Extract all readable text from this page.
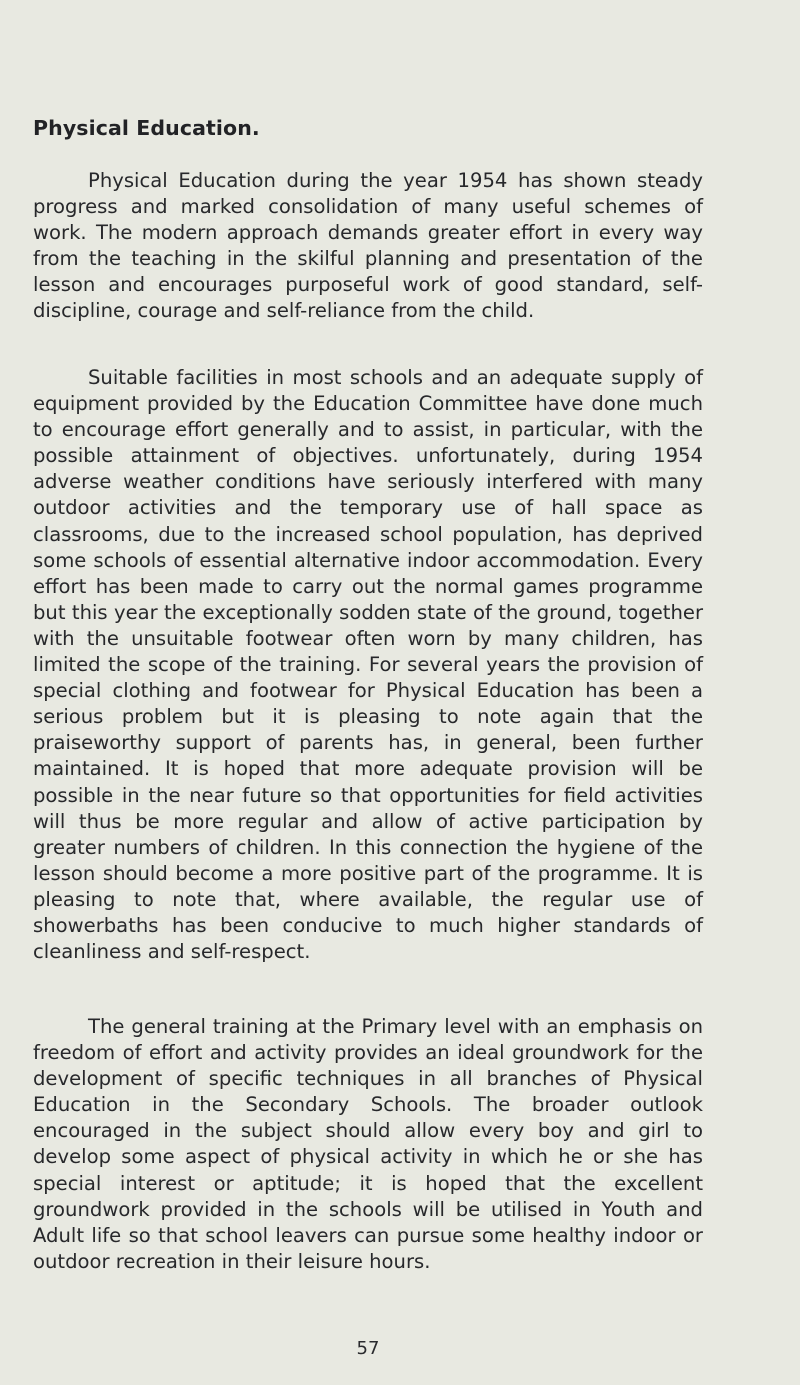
Physical Education.

Physical Education during the year 1954 has shown steady progress and marked consolidation of many useful schemes of work. The modern approach demands greater effort in every way from the teaching in the skilful planning and presentation of the lesson and encourages purposeful work of good standard, self-discipline, courage and self-reliance from the child.

Suitable facilities in most schools and an adequate supply of equipment provided by the Education Committee have done much to encourage effort generally and to assist, in particular, with the possible attainment of objectives. unfortunately, during 1954 adverse weather conditions have seriously interfered with many outdoor activities and the temporary use of hall space as classrooms, due to the increased school population, has deprived some schools of essential alternative indoor accommodation. Every effort has been made to carry out the normal games programme but this year the exceptionally sodden state of the ground, together with the unsuitable footwear often worn by many children, has limited the scope of the training. For several years the provision of special clothing and footwear for Physical Education has been a serious problem but it is pleasing to note again that the praiseworthy support of parents has, in general, been further maintained. It is hoped that more adequate provision will be possible in the near future so that opportunities for field activities will thus be more regular and allow of active participation by greater numbers of children. In this connection the hygiene of the lesson should become a more positive part of the programme. It is pleasing to note that, where available, the regular use of showerbaths has been conducive to much higher standards of cleanliness and self-respect.

The general training at the Primary level with an emphasis on freedom of effort and activity provides an ideal groundwork for the development of specific techniques in all branches of Physical Education in the Secondary Schools. The broader outlook encouraged in the subject should allow every boy and girl to develop some aspect of physical activity in which he or she has special interest or aptitude; it is hoped that the excellent groundwork provided in the schools will be utilised in Youth and Adult life so that school leavers can pursue some healthy indoor or outdoor recreation in their leisure hours.

57
